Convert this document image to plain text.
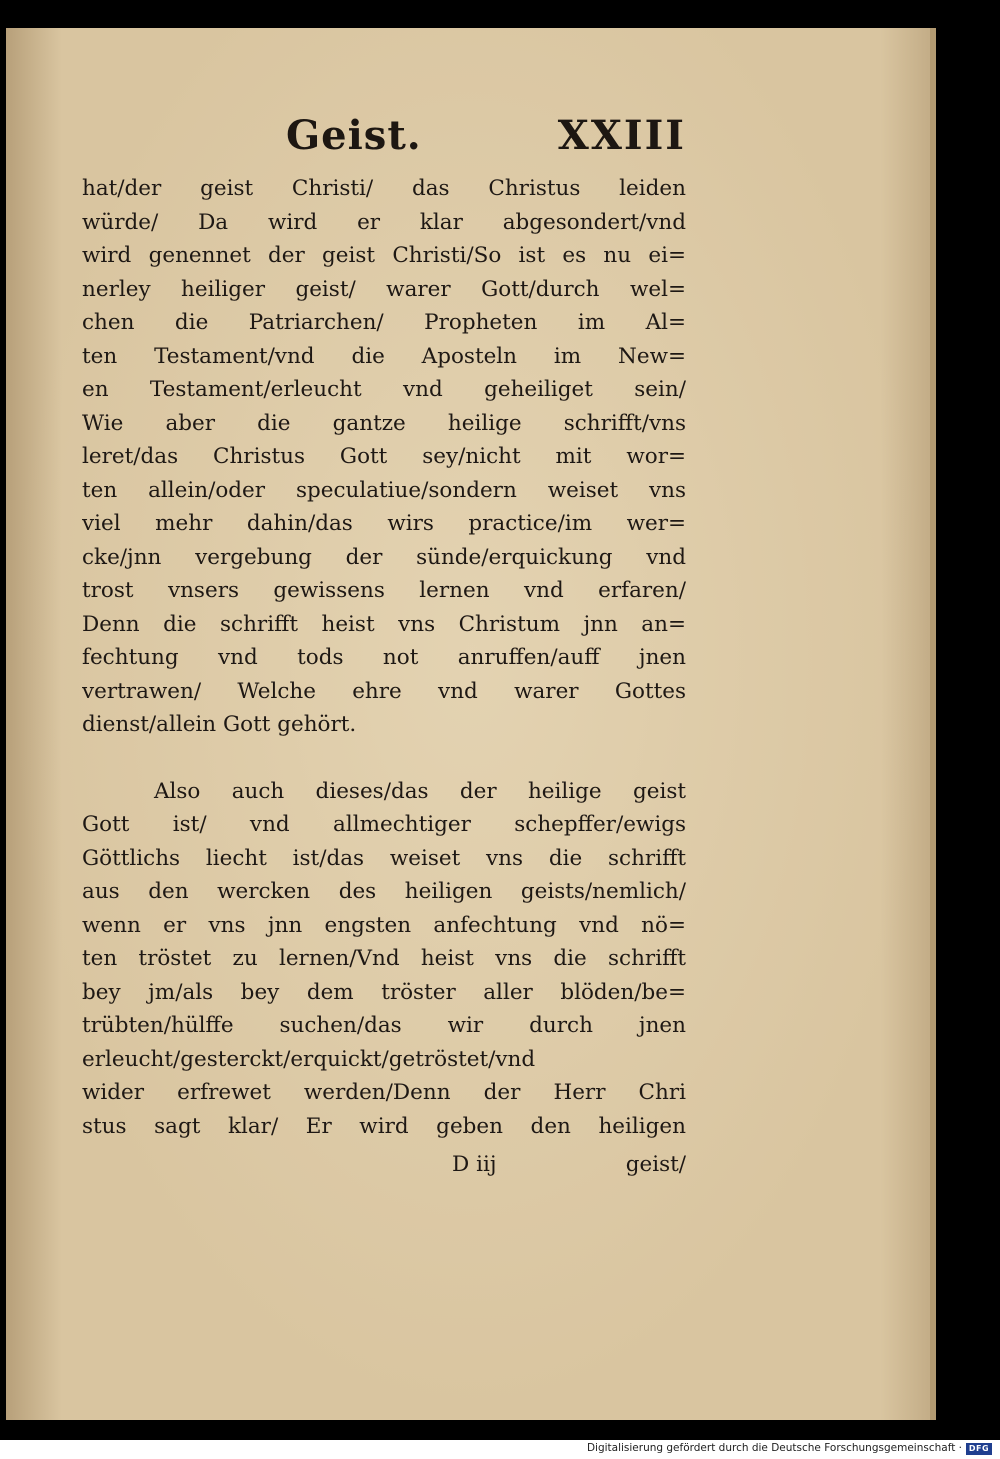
Geist.	XXIII
hat/der geist Christi/ das Christus leiden
würde/ Da wird er klar abgesondert/vnd
wird genennet der geist Christi/So ist es nu ei=
nerley heiliger geist/ warer Gott/durch wel=
chen die Patriarchen/ Propheten im Al=
ten Testament/vnd die Aposteln im New=
en Testament/erleucht vnd geheiliget sein/
Wie aber die gantze heilige schrifft/vns
leret/das Christus Gott sey/nicht mit wor=
ten allein/oder speculatiue/sondern weiset vns
viel mehr dahin/das wirs practice/im wer=
cke/jnn vergebung der sünde/erquickung vnd
trost vnsers gewissens lernen vnd erfaren/
Denn die schrifft heist vns Christum jnn an=
fechtung vnd tods not anruffen/auff jnen
vertrawen/ Welche ehre vnd warer Gottes
dienst/allein Gott gehört.
Also auch dieses/das der heilige geist
Gott ist/ vnd allmechtiger schepffer/ewigs
Göttlichs liecht ist/das weiset vns die schrifft
aus den wercken des heiligen geists/nemlich/
wenn er vns jnn engsten anfechtung vnd nö=
ten tröstet zu lernen/Vnd heist vns die schrifft
bey jm/als bey dem tröster aller blöden/be=
trübten/hülffe suchen/das wir durch jnen
erleucht/gesterckt/erquickt/getröstet/vnd
wider erfrewet werden/Denn der Herr Chri
stus sagt klar/ Er wird geben den heiligen
D iij	geist/
Digitalisierung gefördert durch die Deutsche Forschungsgemeinschaft · DFG
